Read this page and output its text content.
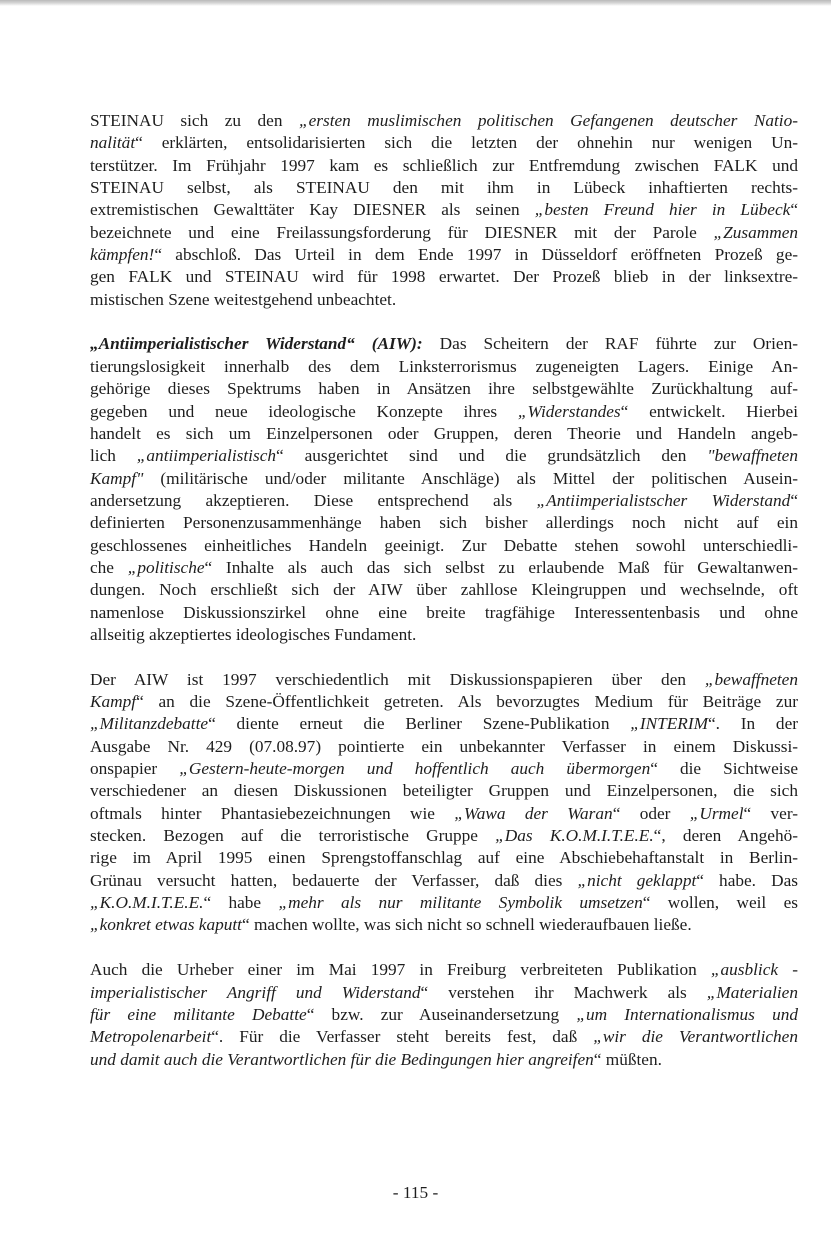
STEINAU sich zu den „ersten muslimischen politischen Gefangenen deutscher Natio-
nalität“ erklärten, entsolidarisierten sich die letzten der ohnehin nur wenigen Un-
terstützer. Im Frühjahr 1997 kam es schließlich zur Entfremdung zwischen FALK und
STEINAU selbst, als STEINAU den mit ihm in Lübeck inhaftierten rechts-
extremistischen Gewalttäter Kay DIESNER als seinen „besten Freund hier in Lübeck“
bezeichnete und eine Freilassungsforderung für DIESNER mit der Parole „Zusammen
kämpfen!“ abschloß. Das Urteil in dem Ende 1997 in Düsseldorf eröffneten Prozeß ge-
gen FALK und STEINAU wird für 1998 erwartet. Der Prozeß blieb in der linksextre-
mistischen Szene weitestgehend unbeachtet.
„Antiimperialistischer Widerstand“ (AIW): Das Scheitern der RAF führte zur Orien-
tierungslosigkeit innerhalb des dem Linksterrorismus zugeneigten Lagers. Einige An-
gehörige dieses Spektrums haben in Ansätzen ihre selbstgewählte Zurückhaltung auf-
gegeben und neue ideologische Konzepte ihres „Widerstandes“ entwickelt. Hierbei
handelt es sich um Einzelpersonen oder Gruppen, deren Theorie und Handeln angeb-
lich „antiimperialistisch“ ausgerichtet sind und die grundsätzlich den "bewaffneten
Kampf" (militärische und/oder militante Anschläge) als Mittel der politischen Ausein-
andersetzung akzeptieren. Diese entsprechend als „Antiimperialistscher Widerstand“
definierten Personenzusammenhänge haben sich bisher allerdings noch nicht auf ein
geschlossenes einheitliches Handeln geeinigt. Zur Debatte stehen sowohl unterschiedli-
che „politische“ Inhalte als auch das sich selbst zu erlaubende Maß für Gewaltanwen-
dungen. Noch erschließt sich der AIW über zahllose Kleingruppen und wechselnde, oft
namenlose Diskussionszirkel ohne eine breite tragfähige Interessentenbasis und ohne
allseitig akzeptiertes ideologisches Fundament.
Der AIW ist 1997 verschiedentlich mit Diskussionspapieren über den „bewaffneten
Kampf“ an die Szene-Öffentlichkeit getreten. Als bevorzugtes Medium für Beiträge zur
„Militanzdebatte“ diente erneut die Berliner Szene-Publikation „INTERIM“. In der
Ausgabe Nr. 429 (07.08.97) pointierte ein unbekannter Verfasser in einem Diskussi-
onspapier „Gestern-heute-morgen und hoffentlich auch übermorgen“ die Sichtweise
verschiedener an diesen Diskussionen beteiligter Gruppen und Einzelpersonen, die sich
oftmals hinter Phantasiebezeichnungen wie „Wawa der Waran“ oder „Urmel“ ver-
stecken. Bezogen auf die terroristische Gruppe „Das K.O.M.I.T.E.E.“, deren Angehö-
rige im April 1995 einen Sprengstoffanschlag auf eine Abschiebehaftanstalt in Berlin-
Grünau versucht hatten, bedauerte der Verfasser, daß dies „nicht geklappt“ habe. Das
„K.O.M.I.T.E.E.“ habe „mehr als nur militante Symbolik umsetzen“ wollen, weil es
„konkret etwas kaputt“ machen wollte, was sich nicht so schnell wiederaufbauen ließe.
Auch die Urheber einer im Mai 1997 in Freiburg verbreiteten Publikation „ausblick -
imperialistischer Angriff und Widerstand“ verstehen ihr Machwerk als „Materialien
für eine militante Debatte“ bzw. zur Auseinandersetzung „um Internationalismus und
Metropolenarbeit“. Für die Verfasser steht bereits fest, daß „wir die Verantwortlichen
und damit auch die Verantwortlichen für die Bedingungen hier angreifen“ müßten.
- 115 -
